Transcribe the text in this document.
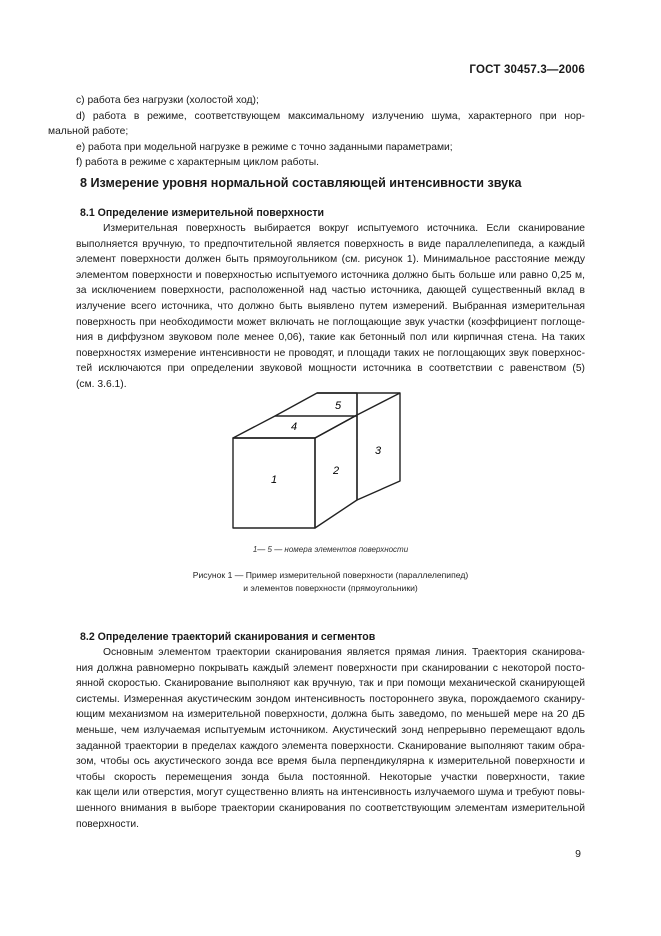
ГОСТ 30457.3—2006
c) работа без нагрузки (холостой ход);
d) работа в режиме, соответствующем максимальному излучению шума, характерного при нор-
мальной работе;
e) работа при модельной нагрузке в режиме с точно заданными параметрами;
f) работа в режиме с характерным циклом работы.
8 Измерение уровня нормальной составляющей интенсивности звука
8.1 Определение измерительной поверхности
Измерительная поверхность выбирается вокруг испытуемого источника. Если сканирование
выполняется вручную, то предпочтительной является поверхность в виде параллелепипеда, а каждый
элемент поверхности должен быть прямоугольником (см. рисунок 1). Минимальное расстояние между
элементом поверхности и поверхностью испытуемого источника должно быть больше или равно 0,25 м,
за исключением поверхности, расположенной над частью источника, дающей существенный вклад в
излучение всего источника, что должно быть выявлено путем измерений. Выбранная измерительная
поверхность при необходимости может включать не поглощающие звук участки (коэффициент поглоще-
ния в диффузном звуковом поле менее 0,06), такие как бетонный пол или кирпичная стена. На таких
поверхностях измерение интенсивности не проводят, и площади таких не поглощающих звук поверхнос-
тей исключаются при определении звуковой мощности источника в соответствии с равенством (5)
(см. 3.6.1).
1
2
3
4
5
1— 5 — номера элементов поверхности
Рисунок 1 — Пример измерительной поверхности (параллелепипед)
и элементов поверхности (прямоугольники)
8.2 Определение траекторий сканирования и сегментов
Основным элементом траектории сканирования является прямая линия. Траектория сканирова-
ния должна равномерно покрывать каждый элемент поверхности при сканировании с некоторой посто-
янной скоростью. Сканирование выполняют как вручную, так и при помощи механической сканирующей
системы. Измеренная акустическим зондом интенсивность постороннего звука, порождаемого сканиру-
ющим механизмом на измерительной поверхности, должна быть заведомо, по меньшей мере на 20 дБ
меньше, чем излучаемая испытуемым источником. Акустический зонд непрерывно перемещают вдоль
заданной траектории в пределах каждого элемента поверхности. Сканирование выполняют таким обра-
зом, чтобы ось акустического зонда все время была перпендикулярна к измерительной поверхности и
чтобы скорость перемещения зонда была постоянной. Некоторые участки поверхности, такие
как щели или отверстия, могут существенно влиять на интенсивность излучаемого шума и требуют повы-
шенного внимания в выборе траектории сканирования по соответствующим элементам измерительной
поверхности.
9
